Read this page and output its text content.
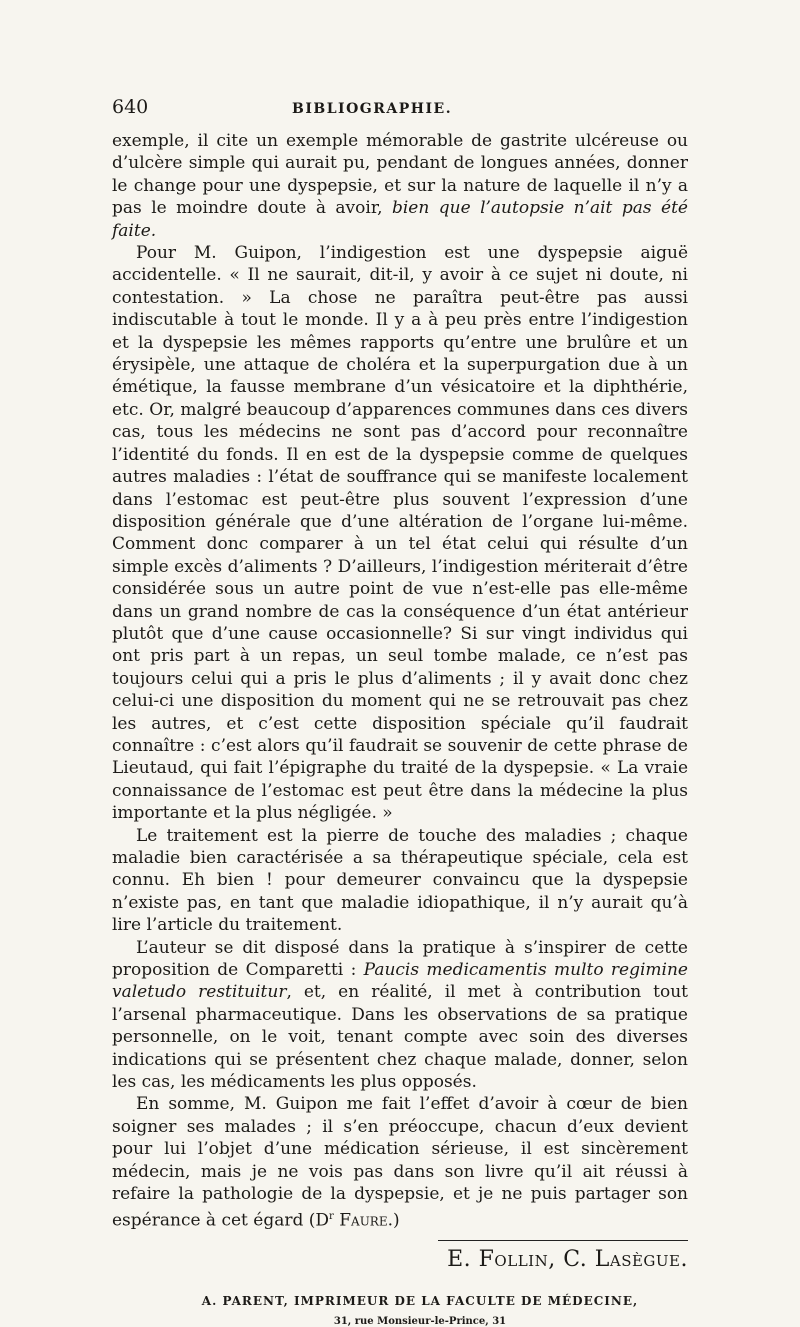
640	BIBLIOGRAPHIE.

exemple, il cite un exemple mémorable de gastrite ulcéreuse ou d’ulcère simple qui aurait pu, pendant de longues années, donner le change pour une dyspepsie, et sur la nature de laquelle il n’y a pas le moindre doute à avoir, bien que l’autopsie n’ait pas été faite.

Pour M. Guipon, l’indigestion est une dyspepsie aiguë accidentelle. « Il ne saurait, dit-il, y avoir à ce sujet ni doute, ni contestation. » La chose ne paraîtra peut-être pas aussi indiscutable à tout le monde. Il y a à peu près entre l’indigestion et la dyspepsie les mêmes rapports qu’entre une brulûre et un érysipèle, une attaque de choléra et la superpurgation due à un émétique, la fausse membrane d’un vésicatoire et la diphthérie, etc. Or, malgré beaucoup d’apparences communes dans ces divers cas, tous les médecins ne sont pas d’accord pour reconnaître l’identité du fonds. Il en est de la dyspepsie comme de quelques autres maladies : l’état de souffrance qui se manifeste localement dans l’estomac est peut-être plus souvent l’expression d’une disposition générale que d’une altération de l’organe lui-même. Comment donc comparer à un tel état celui qui résulte d’un simple excès d’aliments ? D’ailleurs, l’indigestion mériterait d’être considérée sous un autre point de vue n’est-elle pas elle-même dans un grand nombre de cas la conséquence d’un état antérieur plutôt que d’une cause occasionnelle? Si sur vingt individus qui ont pris part à un repas, un seul tombe malade, ce n’est pas toujours celui qui a pris le plus d’aliments ; il y avait donc chez celui-ci une disposition du moment qui ne se retrouvait pas chez les autres, et c’est cette disposition spéciale qu’il faudrait connaître : c’est alors qu’il faudrait se souvenir de cette phrase de Lieutaud, qui fait l’épigraphe du traité de la dyspepsie. « La vraie connaissance de l’estomac est peut être dans la médecine la plus importante et la plus négligée. »

Le traitement est la pierre de touche des maladies ; chaque maladie bien caractérisée a sa thérapeutique spéciale, cela est connu. Eh bien ! pour demeurer convaincu que la dyspepsie n’existe pas, en tant que maladie idiopathique, il n’y aurait qu’à lire l’article du traitement.

L’auteur se dit disposé dans la pratique à s’inspirer de cette proposition de Comparetti : Paucis medicamentis multo regimine valetudo restituitur, et, en réalité, il met à contribution tout l’arsenal pharmaceutique. Dans les observations de sa pratique personnelle, on le voit, tenant compte avec soin des diverses indications qui se présentent chez chaque malade, donner, selon les cas, les médicaments les plus opposés.

En somme, M. Guipon me fait l’effet d’avoir à cœur de bien soigner ses malades ; il s’en préoccupe, chacun d’eux devient pour lui l’objet d’une médication sérieuse, il est sincèrement médecin, mais je ne vois pas dans son livre qu’il ait réussi à refaire la pathologie de la dyspepsie, et je ne puis partager son espérance à cet égard ($D^r$ Faure.)

E. Follin, C. Lasègue.
A. PARENT, IMPRIMEUR DE LA FACULTE DE MÉDECINE,
31, rue Monsieur-le-Prince, 31
